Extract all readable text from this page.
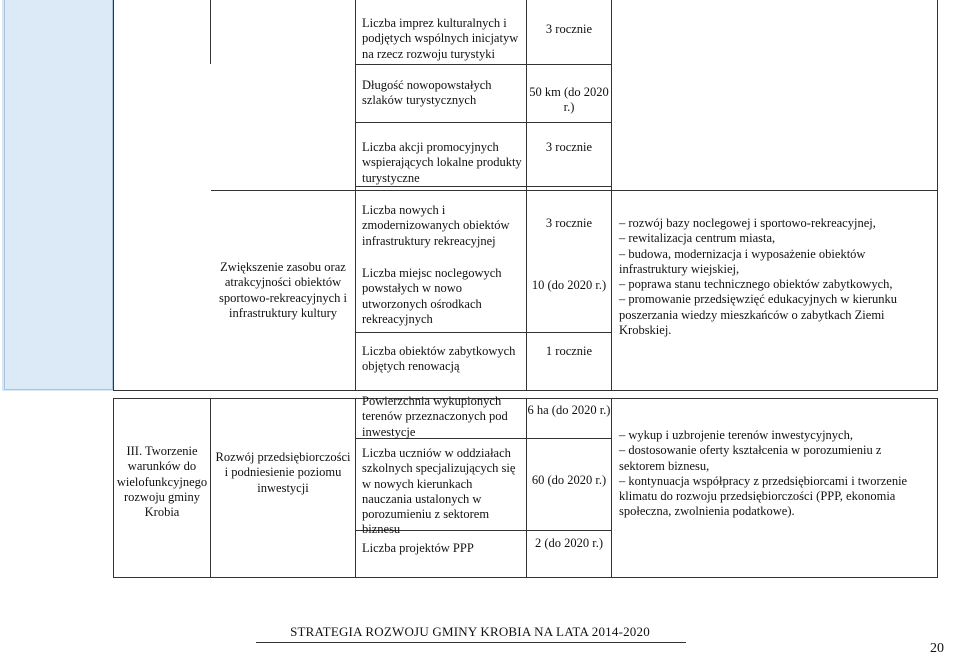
Liczba imprez kulturalnych i podjętych wspólnych inicjatyw na rzecz rozwoju turystyki
3 rocznie
Długość nowopowstałych szlaków turystycznych
50 km (do 2020 r.)
Liczba akcji promocyjnych wspierających lokalne produkty turystyczne
3 rocznie
Zwiększenie zasobu oraz atrakcyjności obiektów sportowo-rekreacyjnych i infrastruktury kultury
Liczba nowych i zmodernizowanych obiektów infrastruktury rekreacyjnej
Liczba miejsc noclegowych powstałych w nowo utworzonych ośrodkach rekreacyjnych
Liczba obiektów zabytkowych objętych renowacją
3 rocznie
10 (do 2020 r.)
1 rocznie
– rozwój bazy noclegowej i sportowo-rekreacyjnej,
– rewitalizacja centrum miasta,
– budowa, modernizacja i wyposażenie obiektów infrastruktury wiejskiej,
– poprawa stanu technicznego obiektów zabytkowych,
– promowanie przedsięwzięć edukacyjnych w kierunku poszerzania wiedzy mieszkańców o zabytkach Ziemi Krobskiej.
III. Tworzenie warunków do wielofunkcyjnego rozwoju gminy Krobia
Rozwój przedsiębiorczości i podniesienie poziomu inwestycji
Powierzchnia wykupionych terenów przeznaczonych pod inwestycje
Liczba uczniów w oddziałach szkolnych specjalizujących się w nowych kierunkach nauczania ustalonych w porozumieniu z sektorem biznesu
Liczba projektów PPP
6 ha (do 2020 r.)
60 (do 2020 r.)
2 (do 2020 r.)
– wykup i uzbrojenie terenów inwestycyjnych,
– dostosowanie oferty kształcenia w porozumieniu z sektorem biznesu,
– kontynuacja współpracy z przedsiębiorcami i tworzenie klimatu do rozwoju przedsiębiorczości (PPP, ekonomia społeczna, zwolnienia podatkowe).
STRATEGIA ROZWOJU GMINY KROBIA NA LATA 2014-2020
20
